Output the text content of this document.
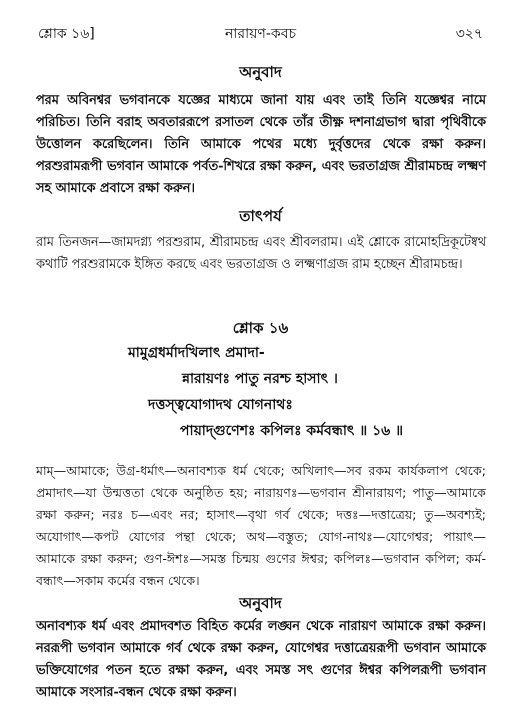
শ্লোক ১৬]	নারায়ণ-কবচ	৩২৭
অনুবাদ

পরম অবিনশ্বর ভগবানকে যজ্ঞের মাধ্যমে জানা যায় এবং তাই তিনি যজ্ঞেশ্বর নামে পরিচিত। তিনি বরাহ অবতাররূপে রসাতল থেকে তাঁর তীক্ষ্ণ দশনাগ্রভাগ দ্বারা পৃথিবীকে উত্তোলন করেছিলেন। তিনি আমাকে পথের মধ্যে দুর্বৃত্তদের থেকে রক্ষা করুন। পরশুরামরূপী ভগবান আমাকে পর্বত-শিখরে রক্ষা করুন, এবং ভরতাগ্রজ শ্রীরামচন্দ্র লক্ষ্মণ সহ আমাকে প্রবাসে রক্ষা করুন।

তাৎপর্য

রাম তিনজন—জামদগ্ন্য পরশুরাম, শ্রীরামচন্দ্র এবং শ্রীবলরাম। এই শ্লোকে রামোহদ্রিকূটেষ্বথ কথাটি পরশুরামকে ইঙ্গিত করছে এবং ভরতাগ্রজ ও লক্ষ্মণাগ্রজ রাম হচ্ছেন শ্রীরামচন্দ্র।

শ্লোক ১৬
মামুগ্রধর্মাদখিলাৎ প্রমাদা-
ন্নারায়ণঃ পাতু নরশ্চ হাসাৎ ।
দত্তস্ত্বযোগাদথ যোগনাথঃ
পায়াদ্‌গুণেশঃ কপিলঃ কর্মবন্ধাৎ ॥ ১৬ ॥

মাম্—আমাকে; উগ্র-ধর্মাৎ—অনাবশ্যক ধর্ম থেকে; অখিলাৎ—সব রকম কার্যকলাপ থেকে; প্রমাদাৎ—যা উন্মত্ততা থেকে অনুষ্ঠিত হয়; নারায়ণঃ—ভগবান শ্রীনারায়ণ; পাতু—আমাকে রক্ষা করুন; নরঃ চ—এবং নর; হাসাৎ—বৃথা গর্ব থেকে; দত্তঃ—দত্তাত্রেয়; তু—অবশ্যই; অযোগাৎ—কপট যোগের পন্থা থেকে; অথ—বস্তুত; যোগ-নাথঃ—যোগেশ্বর; পায়াৎ—আমাকে রক্ষা করুন; গুণ-ঈশঃ—সমস্ত চিন্ময় গুণের ঈশ্বর; কপিলঃ—ভগবান কপিল; কর্ম-বন্ধাৎ—সকাম কর্মের বন্ধন থেকে।

অনুবাদ

অনাবশ্যক ধর্ম এবং প্রমাদবশত বিহিত কর্মের লঙ্ঘন থেকে নারায়ণ আমাকে রক্ষা করুন। নররূপী ভগবান আমাকে গর্ব থেকে রক্ষা করুন, যোগেশ্বর দত্তাত্রেয়রূপী ভগবান আমাকে ভক্তিযোগের পতন হতে রক্ষা করুন, এবং সমস্ত সৎ গুণের ঈশ্বর কপিলরূপী ভগবান আমাকে সংসার-বন্ধন থেকে রক্ষা করুন।
